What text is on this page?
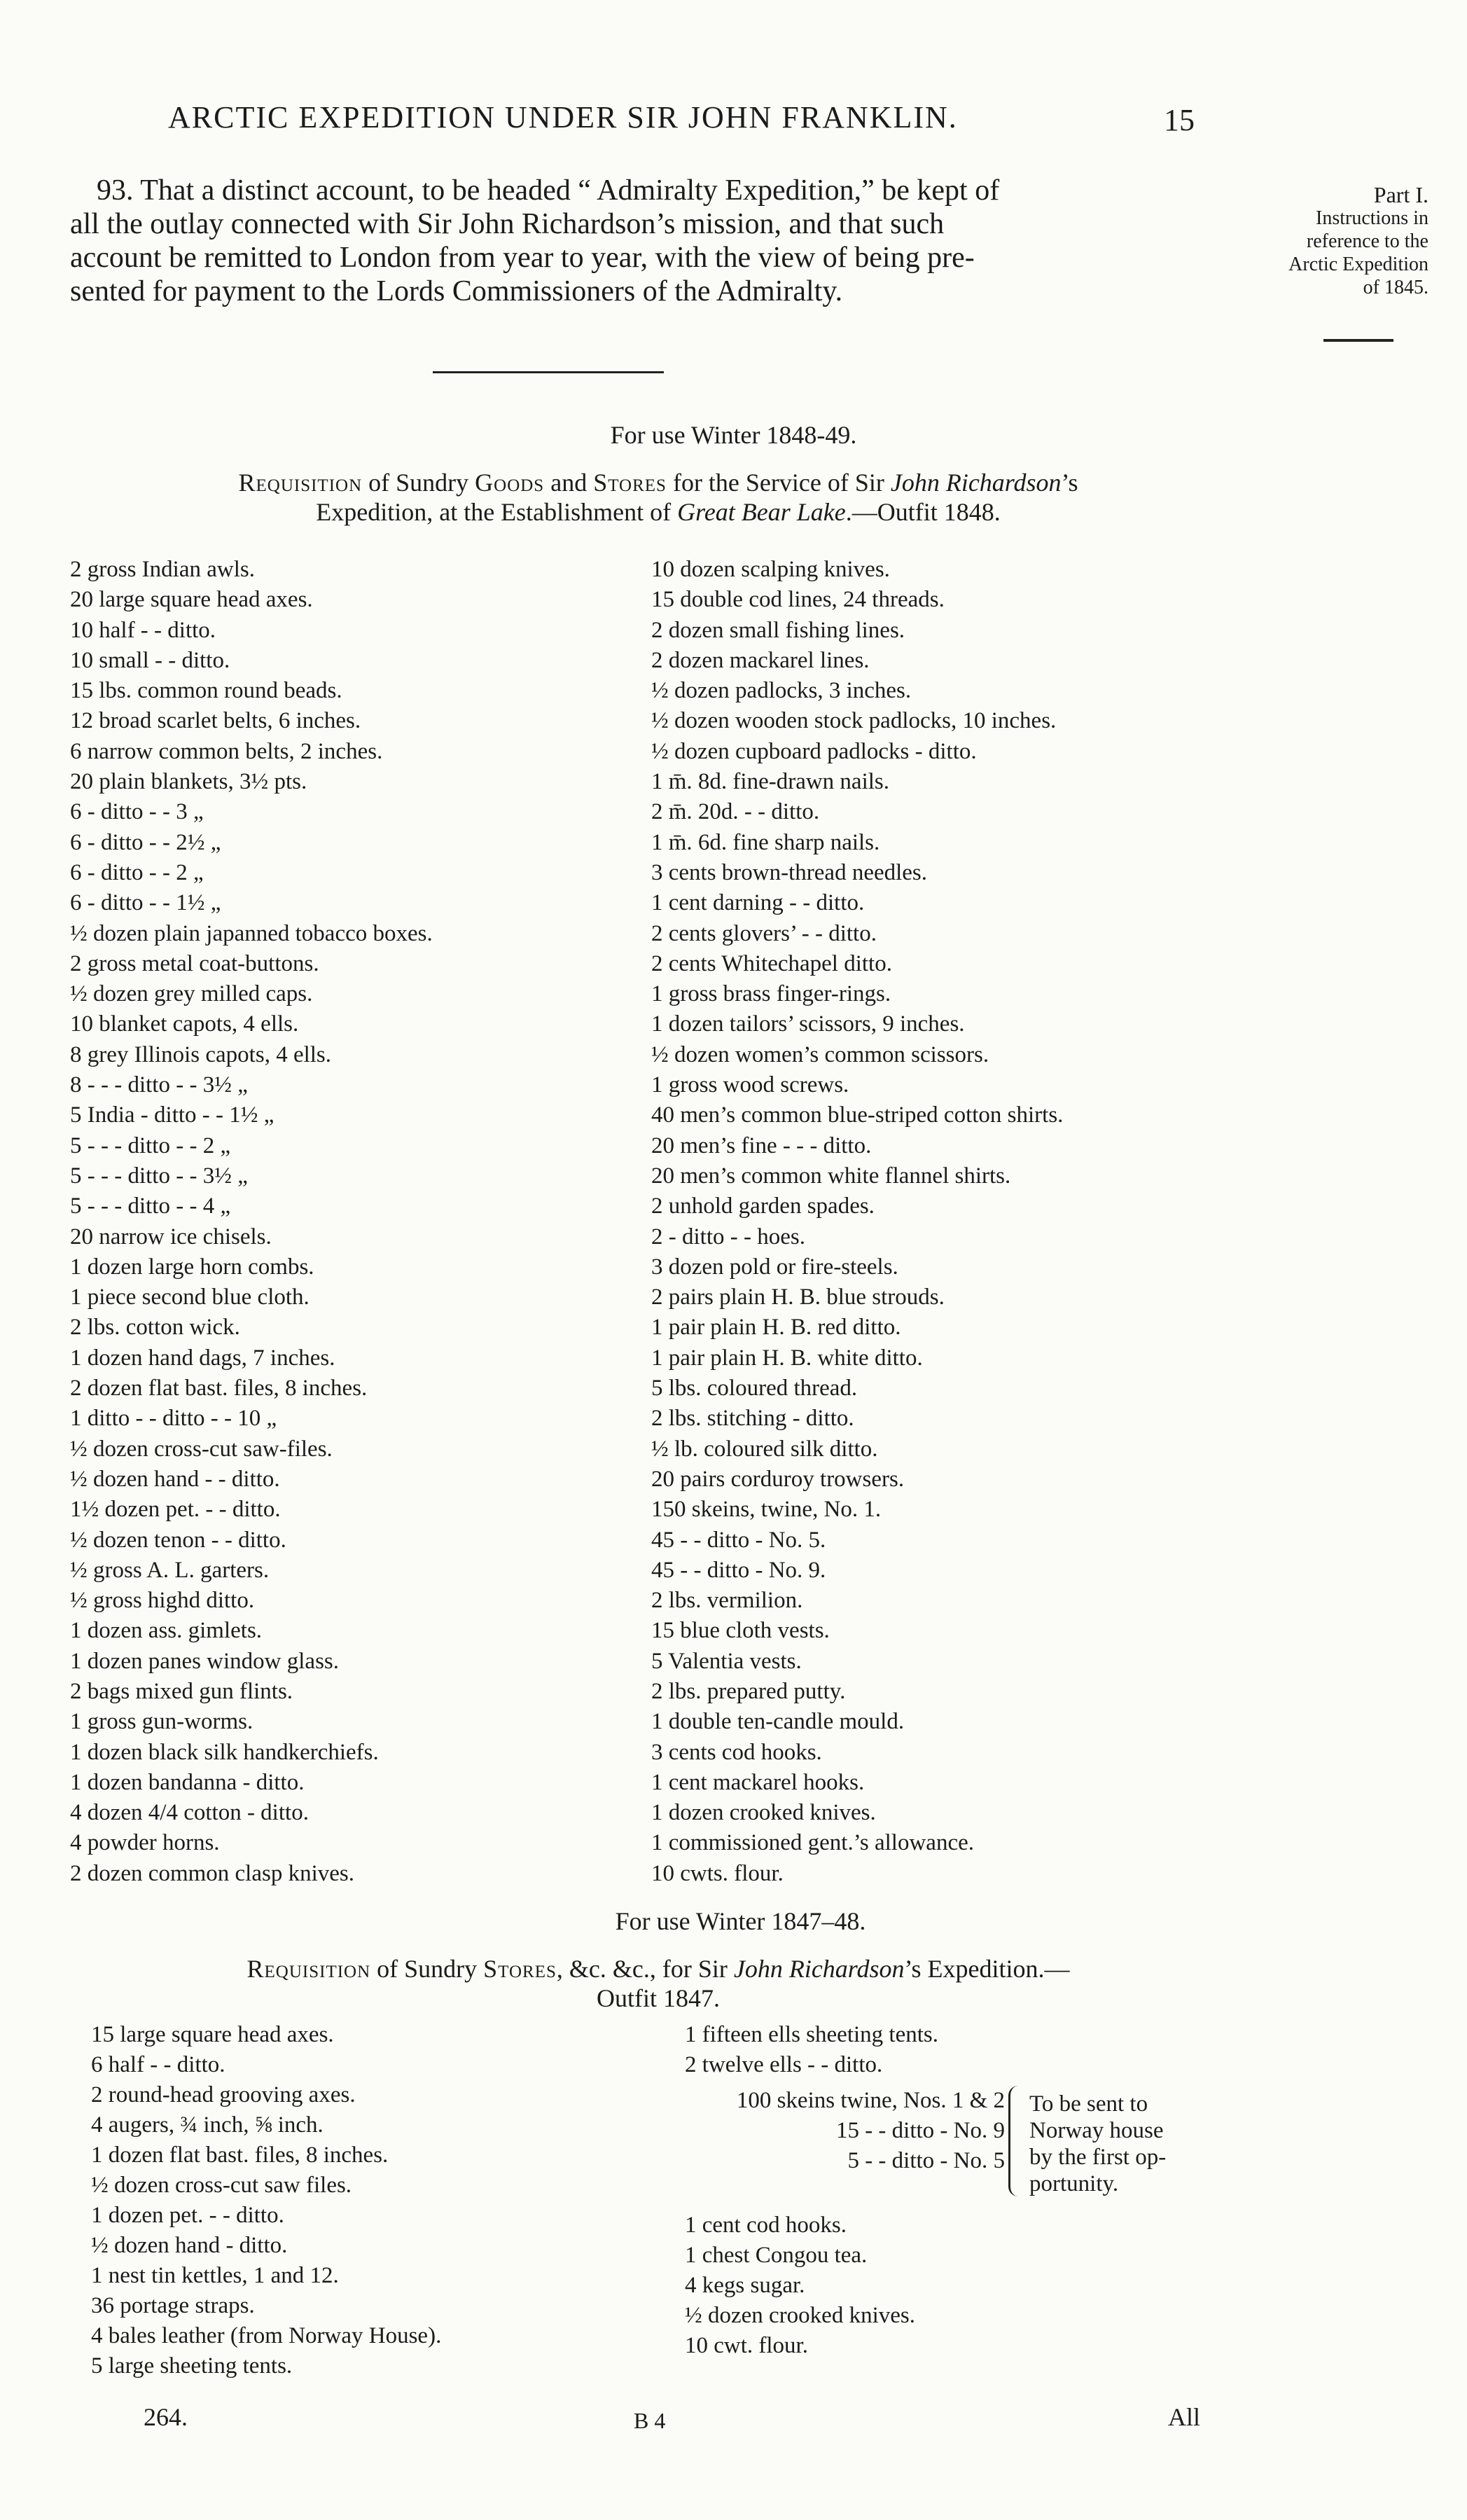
ARCTIC EXPEDITION UNDER SIR JOHN FRANKLIN.	15
93. That a distinct account, to be headed “ Admiralty Expedition,” be kept of
all the outlay connected with Sir John Richardson’s mission, and that such
account be remitted to London from year to year, with the view of being pre-
sented for payment to the Lords Commissioners of the Admiralty.
Part I.
Instructions in
reference to the
Arctic Expedition
of 1845.
For use Winter 1848-49.
Requisition of Sundry Goods and Stores for the Service of Sir John Richardson’s
Expedition, at the Establishment of Great Bear Lake.—Outfit 1848.
2 gross Indian awls.
20 large square head axes.
10 half - - ditto.
10 small - - ditto.
15 lbs. common round beads.
12 broad scarlet belts, 6 inches.
6 narrow common belts, 2 inches.
20 plain blankets, 3½ pts.
6 - ditto - - 3 „
6 - ditto - - 2½ „
6 - ditto - - 2 „
6 - ditto - - 1½ „
½ dozen plain japanned tobacco boxes.
2 gross metal coat-buttons.
½ dozen grey milled caps.
10 blanket capots, 4 ells.
8 grey Illinois capots, 4 ells.
8 - - - ditto - - 3½ „
5 India - ditto - - 1½ „
5 - - - ditto - - 2 „
5 - - - ditto - - 3½ „
5 - - - ditto - - 4 „
20 narrow ice chisels.
1 dozen large horn combs.
1 piece second blue cloth.
2 lbs. cotton wick.
1 dozen hand dags, 7 inches.
2 dozen flat bast. files, 8 inches.
1 ditto - - ditto - - 10 „
½ dozen cross-cut saw-files.
½ dozen hand - - ditto.
1½ dozen pet. - - ditto.
½ dozen tenon - - ditto.
½ gross A. L. garters.
½ gross highd ditto.
1 dozen ass. gimlets.
1 dozen panes window glass.
2 bags mixed gun flints.
1 gross gun-worms.
1 dozen black silk handkerchiefs.
1 dozen bandanna - ditto.
4 dozen 4/4 cotton - ditto.
4 powder horns.
2 dozen common clasp knives.
10 dozen scalping knives.
15 double cod lines, 24 threads.
2 dozen small fishing lines.
2 dozen mackarel lines.
½ dozen padlocks, 3 inches.
½ dozen wooden stock padlocks, 10 inches.
½ dozen cupboard padlocks - ditto.
1 m̄. 8d. fine-drawn nails.
2 m̄. 20d. - - ditto.
1 m̄. 6d. fine sharp nails.
3 cents brown-thread needles.
1 cent darning - - ditto.
2 cents glovers’ - - ditto.
2 cents Whitechapel ditto.
1 gross brass finger-rings.
1 dozen tailors’ scissors, 9 inches.
½ dozen women’s common scissors.
1 gross wood screws.
40 men’s common blue-striped cotton shirts.
20 men’s fine - - - ditto.
20 men’s common white flannel shirts.
2 unhold garden spades.
2 - ditto - - hoes.
3 dozen pold or fire-steels.
2 pairs plain H. B. blue strouds.
1 pair plain H. B. red ditto.
1 pair plain H. B. white ditto.
5 lbs. coloured thread.
2 lbs. stitching - ditto.
½ lb. coloured silk ditto.
20 pairs corduroy trowsers.
150 skeins, twine, No. 1.
45 - - ditto - No. 5.
45 - - ditto - No. 9.
2 lbs. vermilion.
15 blue cloth vests.
5 Valentia vests.
2 lbs. prepared putty.
1 double ten-candle mould.
3 cents cod hooks.
1 cent mackarel hooks.
1 dozen crooked knives.
1 commissioned gent.’s allowance.
10 cwts. flour.
For use Winter 1847–48.
Requisition of Sundry Stores, &c. &c., for Sir John Richardson’s Expedition.—
Outfit 1847.
15 large square head axes.
6 half - - ditto.
2 round-head grooving axes.
4 augers, ¾ inch, ⅝ inch.
1 dozen flat bast. files, 8 inches.
½ dozen cross-cut saw files.
1 dozen pet. - - ditto.
½ dozen hand - ditto.
1 nest tin kettles, 1 and 12.
36 portage straps.
4 bales leather (from Norway House).
5 large sheeting tents.
1 fifteen ells sheeting tents.
2 twelve ells - - ditto.
100 skeins twine, Nos. 1 & 2
15 - - ditto - No. 9
5 - - ditto - No. 5
To be sent to
Norway house
by the first op-
portunity.
1 cent cod hooks.
1 chest Congou tea.
4 kegs sugar.
½ dozen crooked knives.
10 cwt. flour.
264.	B 4	All
